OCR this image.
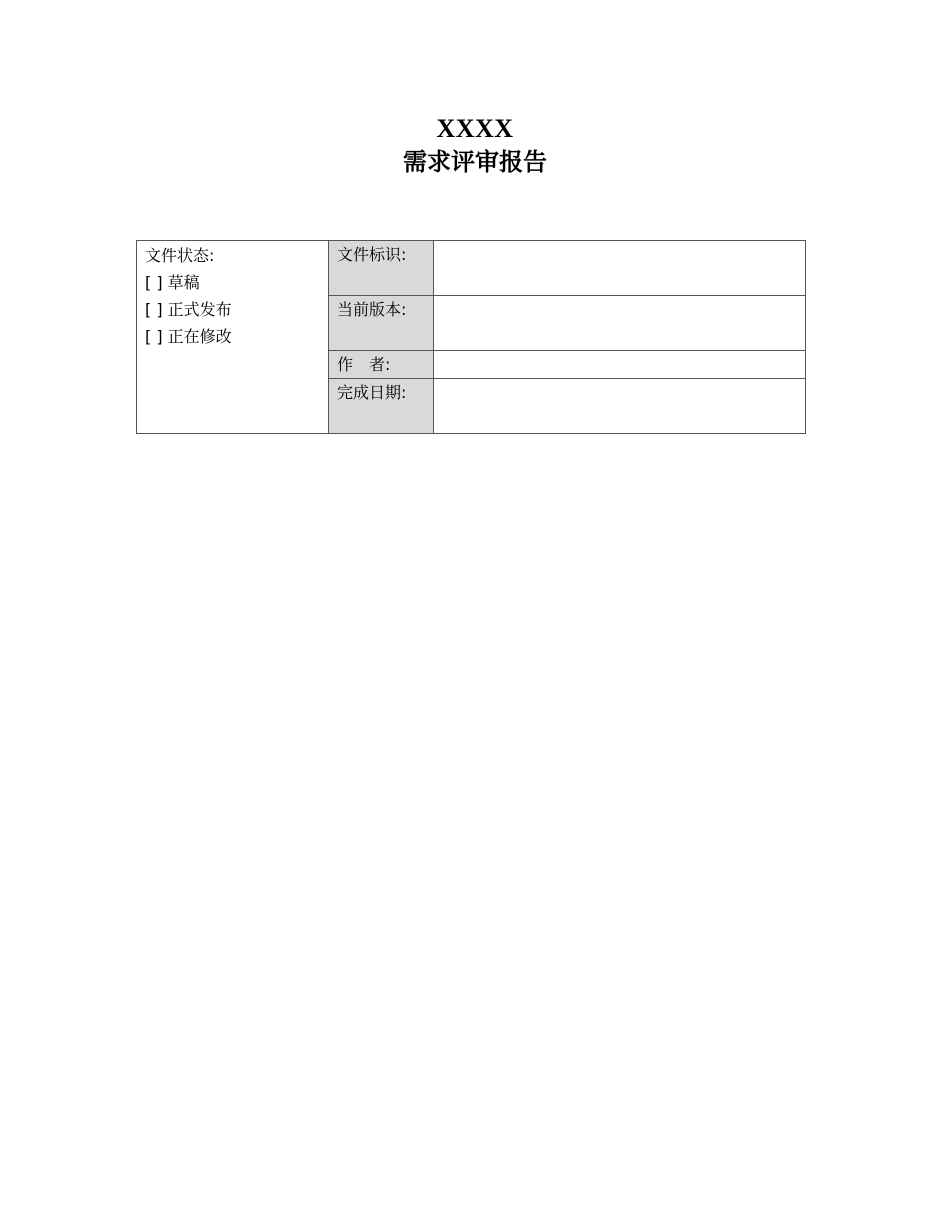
XXXX
需求评审报告
文件状态:
[ ] 草稿
[ ] 正式发布
[ ] 正在修改	文件标识:	
	当前版本:	
	作　者:	
	完成日期:	
